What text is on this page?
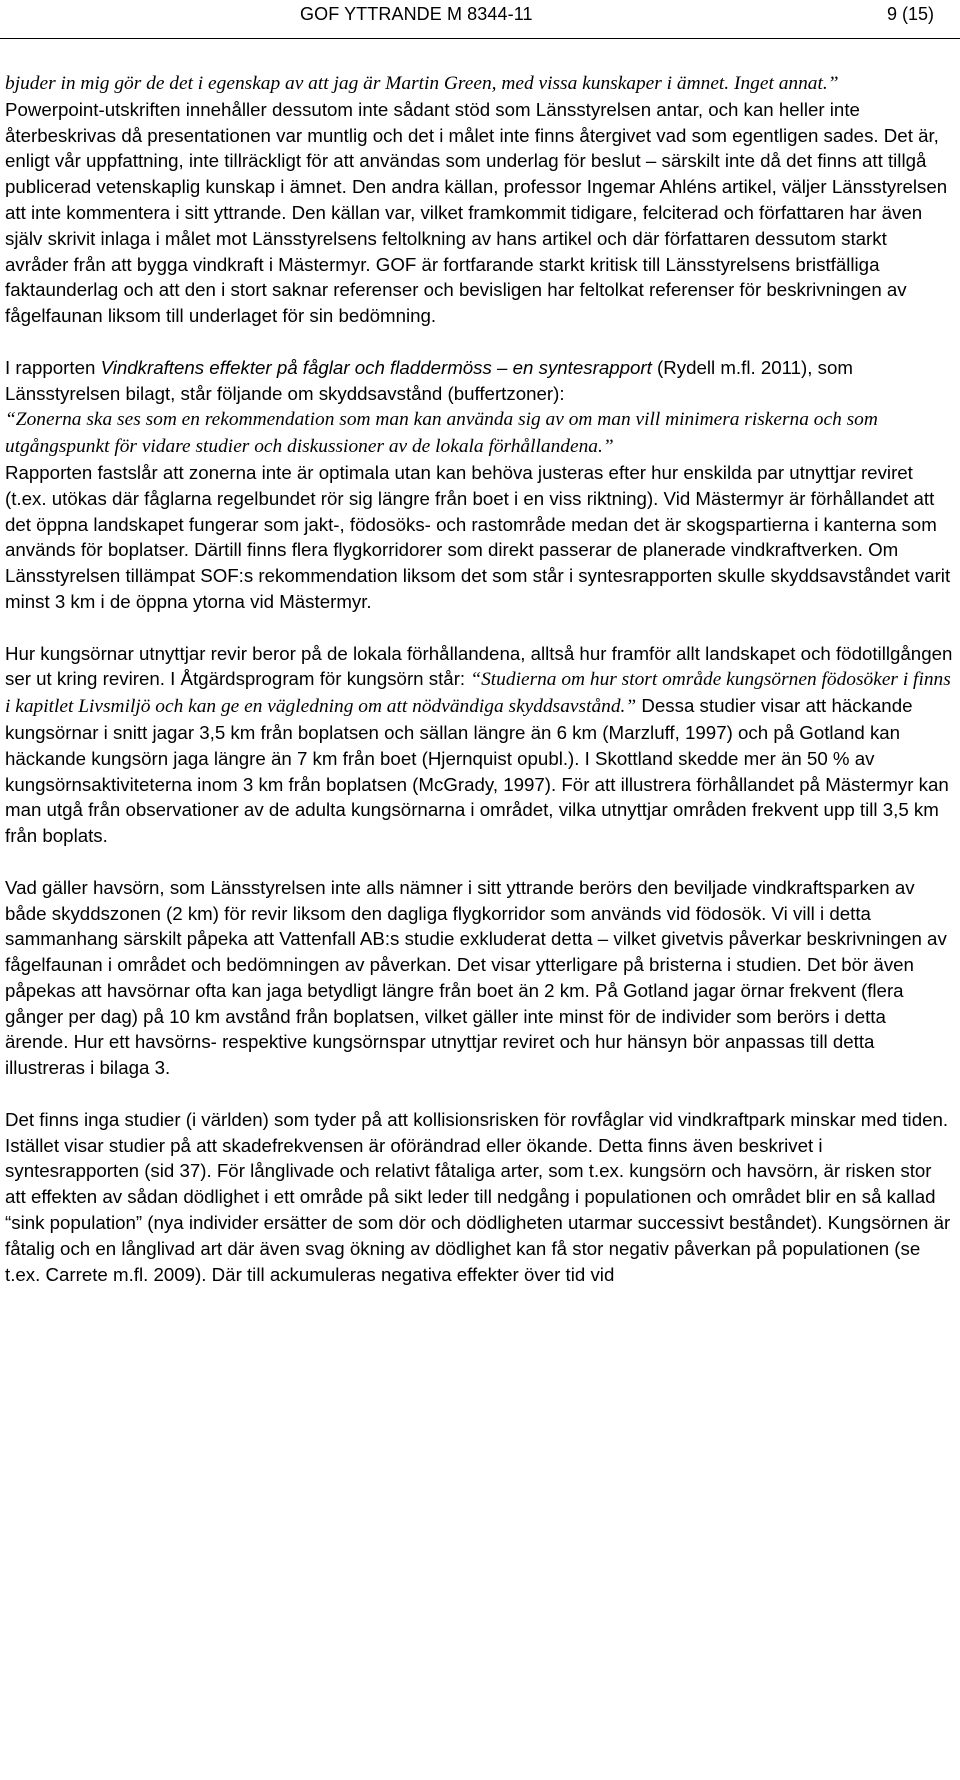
GOF YTTRANDE M 8344-11	9 (15)

bjuder in mig gör de det i egenskap av att jag är Martin Green, med vissa kunskaper i ämnet. Inget annat.”
Powerpoint-utskriften innehåller dessutom inte sådant stöd som Länsstyrelsen antar, och kan heller inte återbeskrivas då presentationen var muntlig och det i målet inte finns återgivet vad som egentligen sades. Det är, enligt vår uppfattning, inte tillräckligt för att användas som underlag för beslut – särskilt inte då det finns att tillgå publicerad vetenskaplig kunskap i ämnet. Den andra källan, professor Ingemar Ahléns artikel, väljer Länsstyrelsen att inte kommentera i sitt yttrande. Den källan var, vilket framkommit tidigare, felciterad och författaren har även själv skrivit inlaga i målet mot Länsstyrelsens feltolkning av hans artikel och där författaren dessutom starkt avråder från att bygga vindkraft i Mästermyr. GOF är fortfarande starkt kritisk till Länsstyrelsens bristfälliga faktaunderlag och att den i stort saknar referenser och bevisligen har feltolkat referenser för beskrivningen av fågelfaunan liksom till underlaget för sin bedömning.

I rapporten Vindkraftens effekter på fåglar och fladdermöss – en syntesrapport (Rydell m.fl. 2011), som Länsstyrelsen bilagt, står följande om skyddsavstånd (buffertzoner):
“Zonerna ska ses som en rekommendation som man kan använda sig av om man vill minimera riskerna och som utgångspunkt för vidare studier och diskussioner av de lokala förhållandena.”
Rapporten fastslår att zonerna inte är optimala utan kan behöva justeras efter hur enskilda par utnyttjar reviret (t.ex. utökas där fåglarna regelbundet rör sig längre från boet i en viss riktning). Vid Mästermyr är förhållandet att det öppna landskapet fungerar som jakt-, födosöks- och rastområde medan det är skogspartierna i kanterna som används för boplatser. Därtill finns flera flygkorridorer som direkt passerar de planerade vindkraftverken. Om Länsstyrelsen tillämpat SOF:s rekommendation liksom det som står i syntesrapporten skulle skyddsavståndet varit minst 3 km i de öppna ytorna vid Mästermyr.

Hur kungsörnar utnyttjar revir beror på de lokala förhållandena, alltså hur framför allt landskapet och födotillgången ser ut kring reviren. I Åtgärdsprogram för kungsörn står: “Studierna om hur stort område kungsörnen födosöker i finns i kapitlet Livsmiljö och kan ge en vägledning om att nödvändiga skyddsavstånd.” Dessa studier visar att häckande kungsörnar i snitt jagar 3,5 km från boplatsen och sällan längre än 6 km (Marzluff, 1997) och på Gotland kan häckande kungsörn jaga längre än 7 km från boet (Hjernquist opubl.). I Skottland skedde mer än 50 % av kungsörnsaktiviteterna inom 3 km från boplatsen (McGrady, 1997). För att illustrera förhållandet på Mästermyr kan man utgå från observationer av de adulta kungsörnarna i området, vilka utnyttjar områden frekvent upp till 3,5 km från boplats.

Vad gäller havsörn, som Länsstyrelsen inte alls nämner i sitt yttrande berörs den beviljade vindkraftsparken av både skyddszonen (2 km) för revir liksom den dagliga flygkorridor som används vid födosök. Vi vill i detta sammanhang särskilt påpeka att Vattenfall AB:s studie exkluderat detta – vilket givetvis påverkar beskrivningen av fågelfaunan i området och bedömningen av påverkan. Det visar ytterligare på bristerna i studien. Det bör även påpekas att havsörnar ofta kan jaga betydligt längre från boet än 2 km. På Gotland jagar örnar frekvent (flera gånger per dag) på 10 km avstånd från boplatsen, vilket gäller inte minst för de individer som berörs i detta ärende. Hur ett havsörns- respektive kungsörnspar utnyttjar reviret och hur hänsyn bör anpassas till detta illustreras i bilaga 3.

Det finns inga studier (i världen) som tyder på att kollisionsrisken för rovfåglar vid vindkraftpark minskar med tiden. Istället visar studier på att skadefrekvensen är oförändrad eller ökande. Detta finns även beskrivet i syntesrapporten (sid 37). För långlivade och relativt fåtaliga arter, som t.ex. kungsörn och havsörn, är risken stor att effekten av sådan dödlighet i ett område på sikt leder till nedgång i populationen och området blir en så kallad “sink population” (nya individer ersätter de som dör och dödligheten utarmar successivt beståndet). Kungsörnen är fåtalig och en långlivad art där även svag ökning av dödlighet kan få stor negativ påverkan på populationen (se t.ex. Carrete m.fl. 2009). Där till ackumuleras negativa effekter över tid vid
